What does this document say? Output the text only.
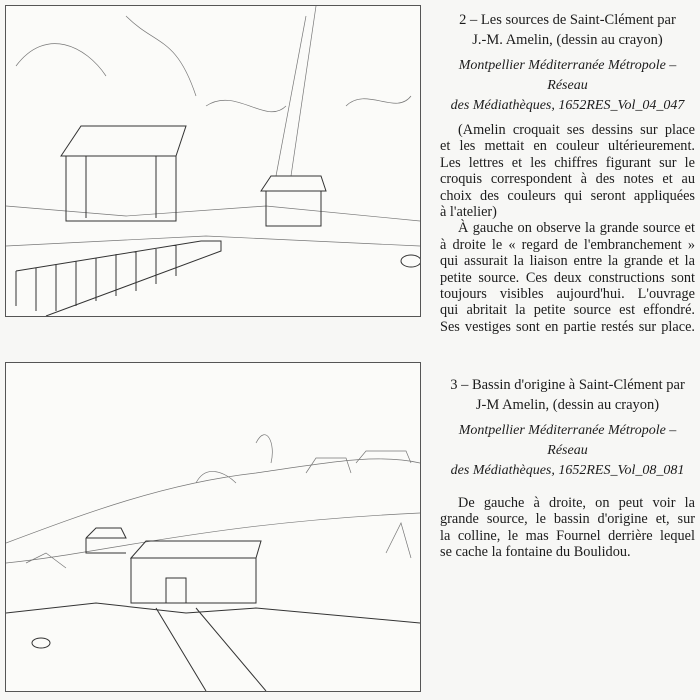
2 – Les sources de Saint-Clément par
J.-M. Amelin, (dessin au crayon)
Montpellier Méditerranée Métropole –Réseau
des Médiathèques, 1652RES_Vol_04_047
(Amelin croquait ses dessins sur place
et les mettait en couleur ultérieurement.
Les lettres et les chiffres figurant sur le
croquis correspondent à des notes et au
choix des couleurs qui seront appliquées
à l'atelier)
À gauche on observe la grande source et
à droite le « regard de l'embranchement »
qui assurait la liaison entre la grande et la
petite source. Ces deux constructions sont
toujours visibles aujourd'hui. L'ouvrage
qui abritait la petite source est effondré.
Ses vestiges sont en partie restés sur place.
3 – Bassin d'origine à Saint-Clément par
J-M Amelin, (dessin au crayon)
Montpellier Méditerranée Métropole –Réseau
des Médiathèques, 1652RES_Vol_08_081
De gauche à droite, on peut voir la
grande source, le bassin d'origine et, sur
la colline, le mas Fournel derrière lequel
se cache la fontaine du Boulidou.
